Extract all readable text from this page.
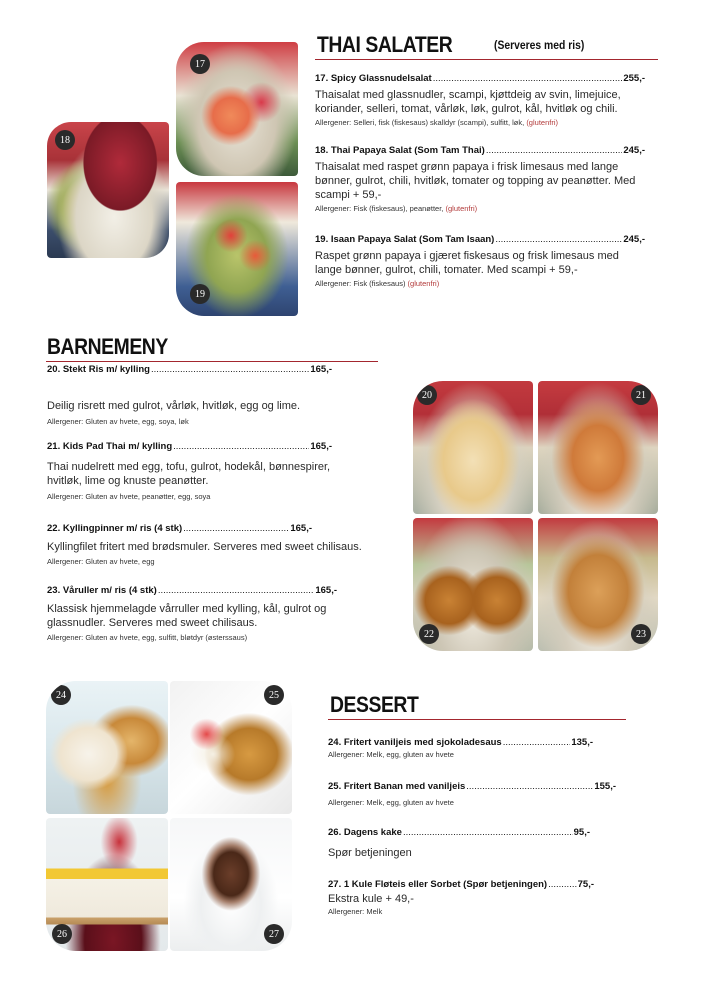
THAI SALATER	(Serveres med ris)
17. Spicy Glassnudelsalat .....	255,-
Thaisalat med glassnudler, scampi, kjøttdeig av svin, limejuice, koriander, selleri, tomat, vårløk, løk, gulrot, kål, hvitløk og chili.
Allergener: Selleri, fisk (fiskesaus) skalldyr (scampi), sulfitt, løk, (glutenfri)
18. Thai Papaya Salat (Som Tam Thai) .....	245,-
Thaisalat med raspet grønn papaya i frisk limesaus med lange bønner, gulrot, chili, hvitløk, tomater og topping av peanøtter. Med scampi + 59,-
Allergener: Fisk (fiskesaus), peanøtter, (glutenfri)
19. Isaan Papaya Salat (Som Tam Isaan) .....	245,-
Raspet grønn papaya i gjæret fiskesaus og frisk limesaus med lange bønner, gulrot, chili, tomater. Med scampi + 59,-
Allergener: Fisk (fiskesaus) (glutenfri)
18
17
19
BARNEMENY
20. Stekt Ris m/ kylling .....	165,-
Deilig risrett med gulrot, vårløk, hvitløk, egg og lime.
Allergener: Gluten av hvete, egg, soya, løk
21. Kids Pad Thai m/ kylling .....	165,-
Thai nudelrett med egg, tofu, gulrot, hodekål, bønnespirer, hvitløk, lime og knuste peanøtter.
Allergener: Gluten av hvete, peanøtter, egg, soya
22. Kyllingpinner m/ ris (4 stk) .....	165,-
Kyllingfilet fritert med brødsmuler. Serveres med sweet chilisaus.
Allergener: Gluten av hvete, egg
23. Våruller m/ ris (4 stk) .....	165,-
Klassisk hjemmelagde vårruller med kylling, kål, gulrot og glassnudler. Serveres med sweet chilisaus.
Allergener: Gluten av hvete, egg, sulfitt, bløtdyr (østerssaus)
20	21
22	23
DESSERT
24. Fritert vaniljeis med sjokoladesaus .....	135,-
Allergener: Melk, egg, gluten av hvete
25. Fritert Banan med vaniljeis .....	155,-
Allergener: Melk, egg, gluten av hvete
26. Dagens kake .....	95,-
Spør betjeningen
27. 1 Kule Fløteis eller Sorbet (Spør betjeningen) .....	75,-
Ekstra kule + 49,-
Allergener: Melk
24	25
26	27
